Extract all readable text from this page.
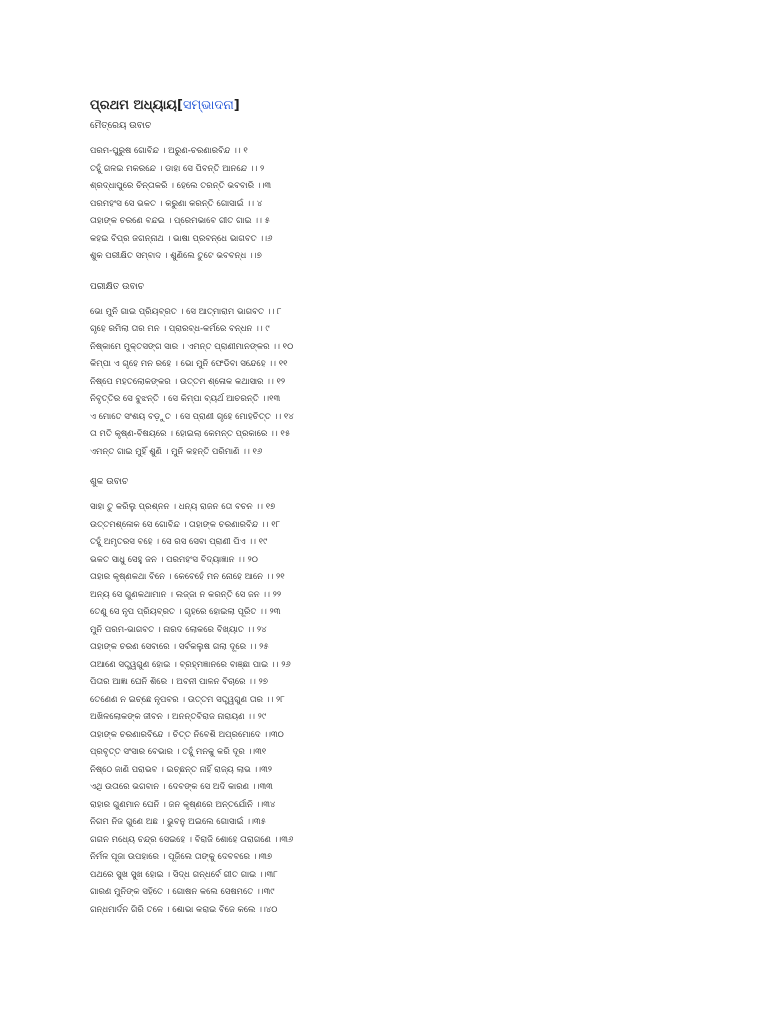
ପ୍ରଥମ ଅଧ୍ୟାୟ[ସମ୍ଭାଦନା]
ମୈତ୍ରେୟ ଉବାଚ
ପରମ-ପୁରୁଷ ଗୋବିନ୍ଦ । ଅରୁଣ-ଚରଣାରବିନ୍ଦ ।। ୧
ତହୁଁ ଗଳଇ ମକରନ୍ଦେ । ଡାହା ସେ ପିବନ୍ତି ଆନନ୍ଦେ ।। ୨
ଶ୍ରଦ୍ଧାପୁରେ ଚିନ୍ତାକରି । ହେଲେ ତରନ୍ତି ଭବବାରି ।।୩
ପରମହଂସ ସେ ଭକତ । କରୁଣା କରନ୍ତି ଗୋସାଇଁ ।। ୪
ତାହାଙ୍କ ଚରଣେ ବନ୍ଦଇ । ପ୍ରେମଭାବେ ଗୀତ ଗାଇ ।। ୫
କହଇ ବିପ୍ର ଜଗନ୍ନାଥ । ଭାଷା ପ୍ରବନ୍ଧେ ଭାଗବତ ।।୬
ଶୁକ ପରୀକ୍ଷିତ ସମ୍ବାଦ । ଶୁଣିଲେ ତୁଟେ ଭବବନ୍ଧ ।।୭
ପରୀକ୍ଷିତ ଉବାଚ
ଭୋ ମୁନି ଗାଇ ପ୍ରିୟବ୍ରତ । ସେ ଆତ୍ମାରାମ ଭାଗବତ ।। ୮
ଗୃହେ ରମିଲା ତାର ମନ । ପ୍ରାରବ୍ଧ-କର୍ମରେ ବନ୍ଧନ ।। ୯
ନିଷ୍କାମେ ମୁକ୍ତସଙ୍ଗ ସାର । ଏମନ୍ତ ପ୍ରାଣୀମାନଙ୍କର ।। ୧୦
କିମ୍ପା ଏ ଗୃହେ ମନ ରହେ । ଭୋ ମୁନି ଫେଡିବା ସନ୍ଦେହେ ।। ୧୧
ନିଷ୍ପେ ମହତଲୋକଙ୍କର । ଉତ୍ତମ ଶ୍ଳୋକ କଥାସାର ।। ୧୨
ନିବୃତ୍ତିର ସେ ବୁଝନ୍ତି । ସେ କିମ୍ପା ବ୍ୟର୍ଥ ଆଚରନ୍ତି ।।୧୩
ଏ ମୋତେ ସଂଶୟ ବଡ଼ୁତ । ସେ ପ୍ରାଣୀ ଗୃହେ ମୋହଚିତ୍ତ ।। ୧୪
ତା ମତି କୃଷ୍ଣ-ବିଷୟରେ । ହୋଇଲା କେମନ୍ତ ପ୍ରକାରେ ।। ୧୫
ଏମନ୍ତ ଗାଇ ମୁହିଁ ଶୁଣି । ମୁନି କହନ୍ତି ପରିମାଣି ।। ୧୬
ଶୁକ ଉବାଚ
ସାହା ତୁ କରିଲୁ ପ୍ରଶ୍ନନ । ଧନ୍ୟ ରାଜନ ତୋ ବଚନ ।। ୧୭
ଉତ୍ତମଶ୍ଳୋକ ସେ ଗୋବିନ୍ଦ । ତାହାଙ୍କ ଚରଣାରବିନ୍ଦ ।। ୧୮
ତହୁଁ ଅମୃତରସ ବହେ । ସେ ରସ ସେବା ପ୍ରାଣୀ ପିଏ ।। ୧୯
ଭକତ ସାଧୁ ସେହୁ ଜନ । ପରମହଂସ ବିଦ୍ୟାଜ୍ଞାନ ।। ୨୦
ତାହାର କୃଷ୍ଣକଥା ବିନେ । କେବେହେଁ ମନ ନୋହେ ଆନେ ।। ୨୧
ଅନ୍ୟ ସେ ଗୁଣକଥାମାନ । ଲଜ୍ଜା ନ କରନ୍ତି ସେ ଜନ ।। ୨୨
ତେଣୁ ସେ ନୃପ ପ୍ରିୟବ୍ରତ । ଗୃହରେ ହୋଇଲା ପୂରିତ ।। ୨୩
ମୁନି ପରମ-ଭାଗବତ । ନାରଦ ଲୋକରେ ବିଖ୍ୟାତ ।। ୨୪
ତାହାଙ୍କ ଚରଣ ସେବାରେ । ସର୍ବକଲୁଷ ଗଲା ଦୂରେ ।। ୨୫
ତାଆଣେ ସତ୍ତ୍ୱଗୁଣ ହୋଇ । ବ୍ରହ୍ମଜ୍ଞାନରେ ବାଞ୍ଛା ପାଇ ।। ୨୬
ପିତାର ଆଜ୍ଞା ଘେନି ଶିରେ । ଅବନୀ ପାଳନ ବିଚାରେ ।। ୨୭
ତେଣେଣ ନ ଇଚ୍ଛେ ନୃପବର । ଉତ୍ତମ ସତ୍ତ୍ୱଗୁଣ ତାର ।। ୨୮
ଅଖିଳଲୋକଙ୍କ ଜୀବନ । ଅନନ୍ତବିରାଜ ନାରାୟଣ ।। ୨୯
ତାହାଙ୍କ ଚରଣାରବିନ୍ଦେ । ଚିତ୍ତ ନିବେଶି ଅପ୍ରମୋଦେ ।।୩୦
ପ୍ରବୃତ୍ତ ସଂସାର ବେଭାର । ତହୁଁ ମନକୁ କରି ଦୂର ।।୩୧
ନିଷ୍ଠେ ଜାଣି ପରାଭବ । ଇଚ୍ଛନ୍ତ ନାହିଁ ରାଜ୍ୟ ଲାଭ ।।୩୨
ଏଥି ଉତାରେ ଭଗବାନ । ଦେବଙ୍କ ସେ ଅଦି କାରଣ ।।୩୩
ରାହାର ଗୁଣମାନ ଘେନି । ଜନ କୃଷ୍ଣରେ ଅନ୍ତର୍ଯୋନି ।।୩୪
ନିଗମ ନିଜ ଗୁଣେ ଅଛ । ଭୁବନୁ ଅଇଲେ ଗୋସାଇଁ ।।୩୫
ଗଗନ ମଧ୍ୟେ ଚନ୍ଦ୍ର ସେଇହେ । ବିରାଜି ଶୋହେ ତାରାଗଣେ ।।୩୬
ନିର୍ମଳ ପୂଜା ଉପହାରେ । ପୂଜିଲେ ତାଙ୍କୁ ଦେବବରେ ।।୩୭
ପଥରେ ସୁଖ ସୁଖ ହୋଇ । ସିଦ୍ଧ ଗନ୍ଧର୍ବେ ଗୀତ ଗାଇ ।।୩୮
ଗାରଣ ମୁନିଙ୍କ ସହିତେ । ଗୋଷନ କଲେ ସେଷମତେ ।।୩୯
ଗନ୍ଧମାର୍ଦନ ଗିରି ତଳେ । ଶୋଭା କରାଇ ବିଜେ କଲେ ।।୪୦
